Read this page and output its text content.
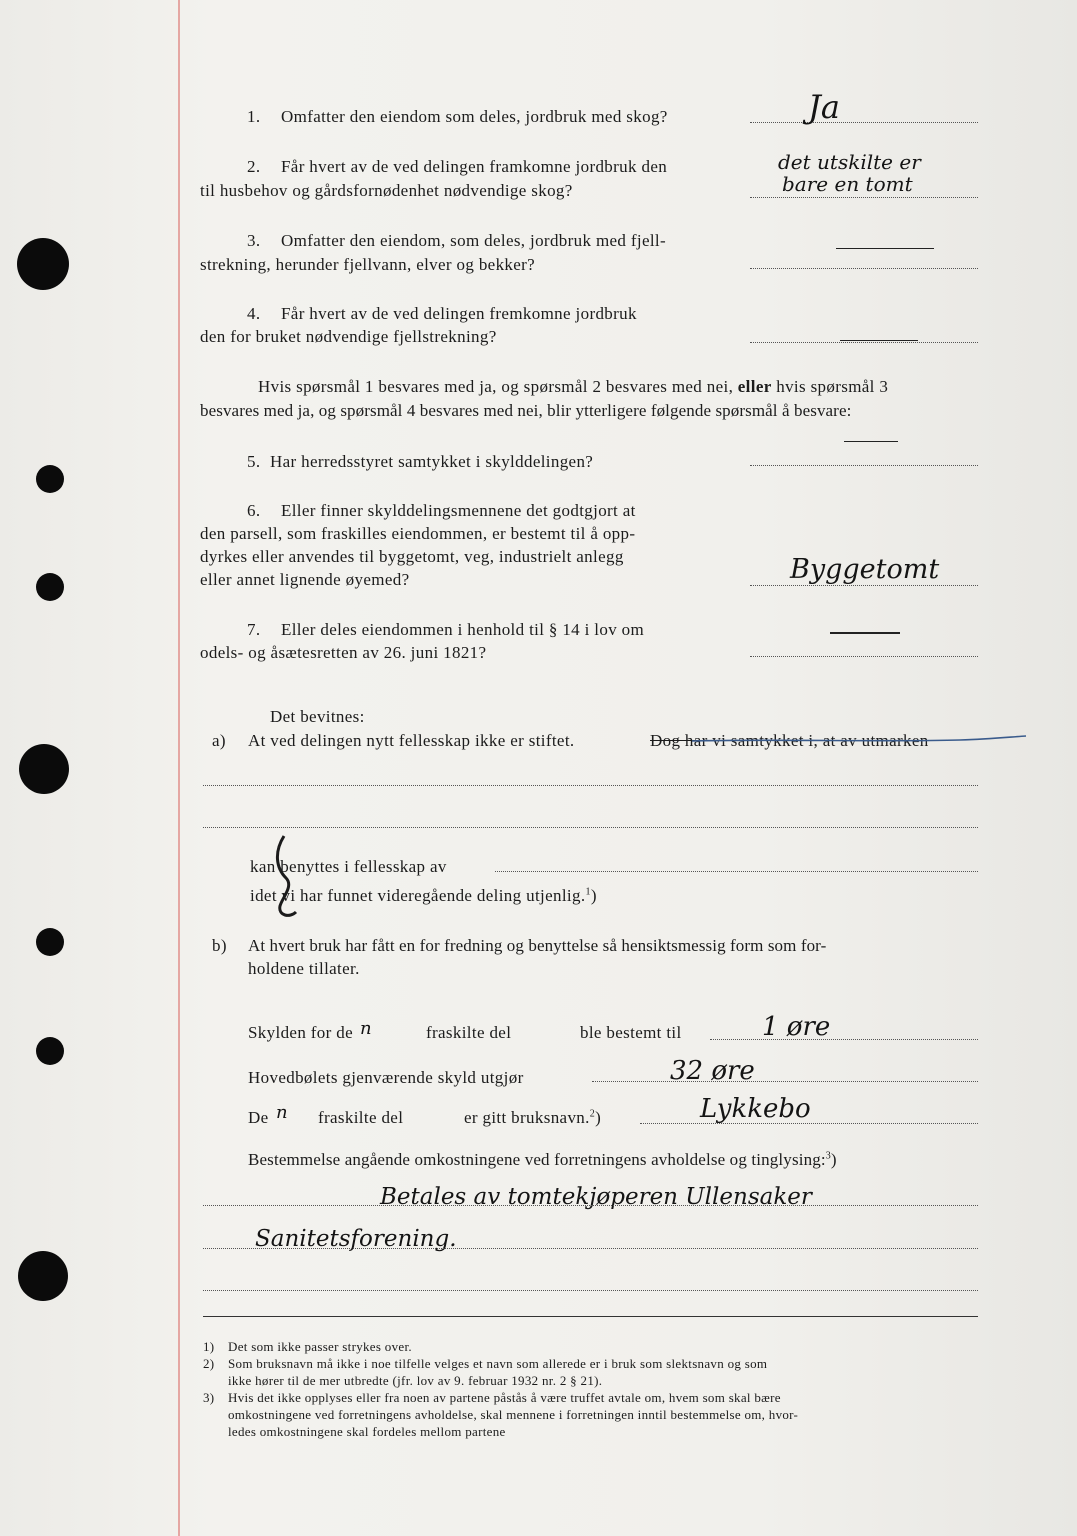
1. Omfatter den eiendom som deles, jordbruk med skog?	Ja
2. Får hvert av de ved delingen framkomne jordbruk den
til husbehov og gårdsfornødenhet nødvendige skog?
det utskilte er
bare en tomt
3. Omfatter den eiendom, som deles, jordbruk med fjell-
strekning, herunder fjellvann, elver og bekker?
4. Får hvert av de ved delingen fremkomne jordbruk
den for bruket nødvendige fjellstrekning?
Hvis spørsmål 1 besvares med ja, og spørsmål 2 besvares med nei, eller hvis spørsmål 3
besvares med ja, og spørsmål 4 besvares med nei, blir ytterligere følgende spørsmål å besvare:
5. Har herredsstyret samtykket i skylddelingen?
6. Eller finner skylddelingsmennene det godtgjort at
den parsell, som fraskilles eiendommen, er bestemt til å opp-
dyrkes eller anvendes til byggetomt, veg, industrielt anlegg
eller annet lignende øyemed?	Byggetomt
7. Eller deles eiendommen i henhold til § 14 i lov om
odels- og åsætesretten av 26. juni 1821?
Det bevitnes:
a) At ved delingen nytt fellesskap ikke er stiftet.	Dog har vi samtykket i, at av utmarken
kan benyttes i fellesskap av
idet vi har funnet videregående deling utjenlig.$^1$)
b) At hvert bruk har fått en for fredning og benyttelse så hensiktsmessig form som for-
holdene tillater.
Skylden for de n	fraskilte del	ble bestemt til	1 øre
Hovedbølets gjenværende skyld utgjør	32 øre
De n fraskilte del	er gitt bruksnavn.$^2$)	Lykkebo
Bestemmelse angående omkostningene ved forretningens avholdelse og tinglysing:$^3$)
Betales av tomtekjøperen Ullensaker
Sanitetsforening.
1) Det som ikke passer strykes over.
2) Som bruksnavn må ikke i noe tilfelle velges et navn som allerede er i bruk som slektsnavn og som
ikke hører til de mer utbredte (jfr. lov av 9. februar 1932 nr. 2 § 21).
3) Hvis det ikke opplyses eller fra noen av partene påstås å være truffet avtale om, hvem som skal bære
omkostningene ved forretningens avholdelse, skal mennene i forretningen inntil bestemmelse om, hvor-
ledes omkostningene skal fordeles mellom partene
